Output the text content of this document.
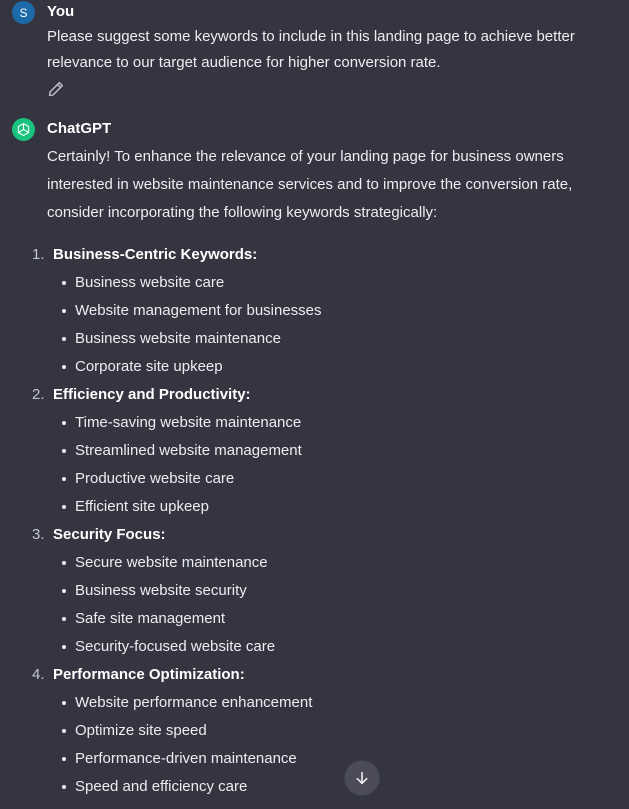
S You
Please suggest some keywords to include in this landing page to achieve better relevance to our target audience for higher conversion rate.
ChatGPT
Certainly! To enhance the relevance of your landing page for business owners interested in website maintenance services and to improve the conversion rate, consider incorporating the following keywords strategically:
1. Business-Centric Keywords:
Business website care
Website management for businesses
Business website maintenance
Corporate site upkeep
2. Efficiency and Productivity:
Time-saving website maintenance
Streamlined website management
Productive website care
Efficient site upkeep
3. Security Focus:
Secure website maintenance
Business website security
Safe site management
Security-focused website care
4. Performance Optimization:
Website performance enhancement
Optimize site speed
Performance-driven maintenance
Speed and efficiency care
